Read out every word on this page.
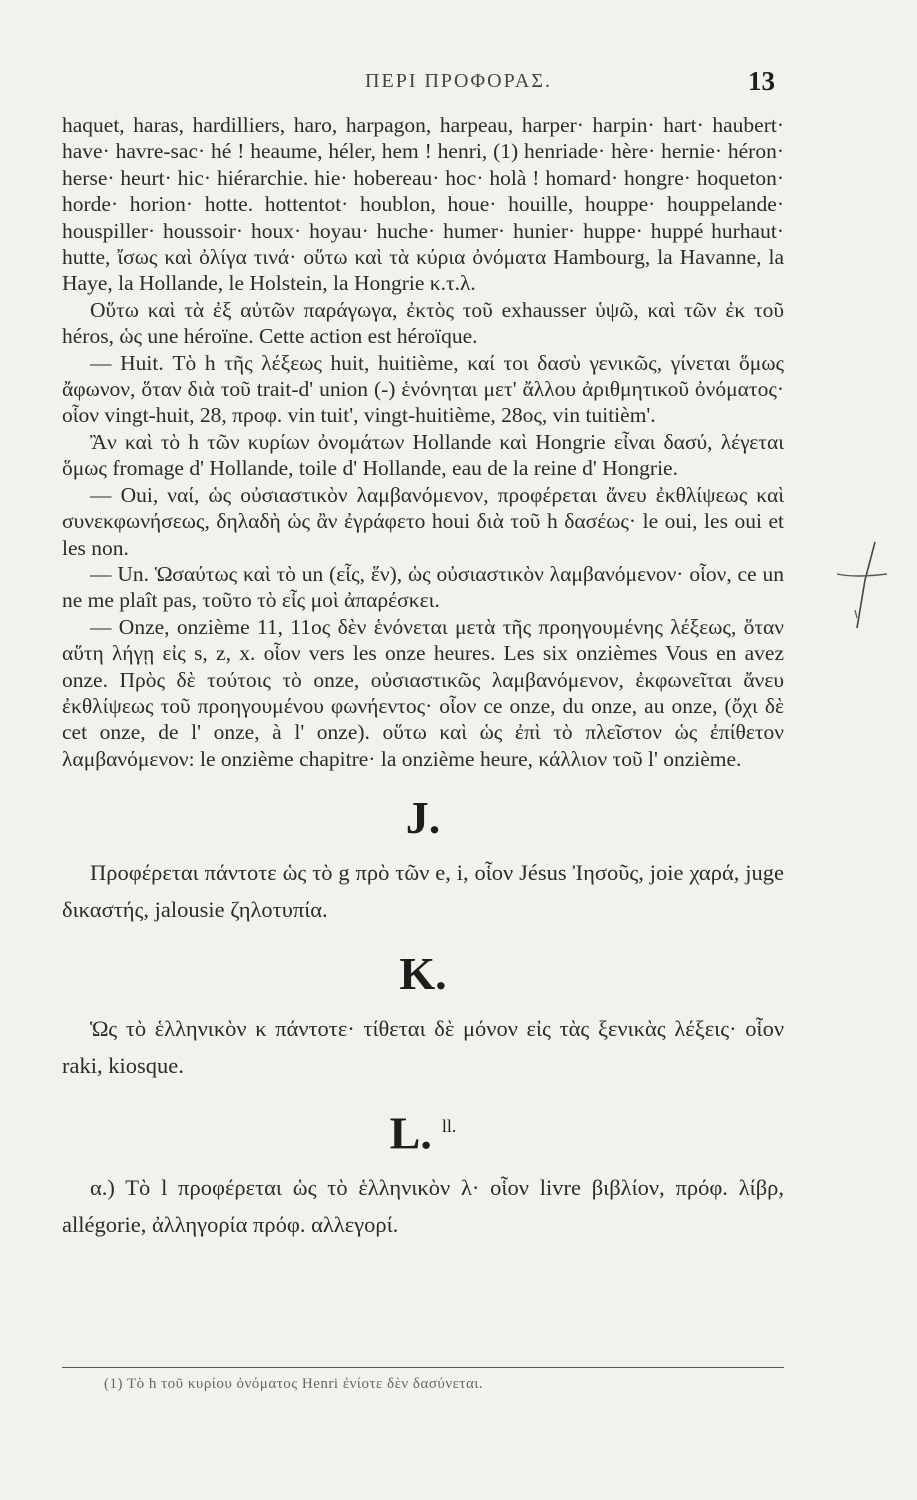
ΠΕΡΙ ΠΡΟΦΟΡΑΣ.	13

haquet, haras, hardilliers, haro, harpagon, harpeau, harper· harpin· hart· haubert· have· havre-sac· hé ! heaume, héler, hem ! henri, (1) henriade· hère· hernie· héron· herse· heurt· hic· hiérarchie. hie· hobereau· hoc· holà ! homard· hongre· hoqueton· horde· horion· hotte. hottentot· houblon, houe· houille, houppe· houppelande· houspiller· houssoir· houx· hoyau· huche· humer· hunier· huppe· huppé hurhaut· hutte, ἴσως καὶ ὀλίγα τινά· οὕτω καὶ τὰ κύρια ὀνόματα Hambourg, la Havanne, la Haye, la Hollande, le Holstein, la Hongrie κ.τ.λ.

Οὕτω καὶ τὰ ἐξ αὐτῶν παράγωγα, ἐκτὸς τοῦ exhausser ὑψῶ, καὶ τῶν ἐκ τοῦ héros, ὡς une héroïne. Cette action est héroïque.

— Huit. Τὸ h τῆς λέξεως huit, huitième, καί τοι δασὺ γενικῶς, γίνεται ὅμως ἄφωνον, ὅταν διὰ τοῦ trait-d' union (-) ἑνόνηται μετ' ἄλλου ἀριθμητικοῦ ὀνόματος· οἷον vingt-huit, 28, προφ. vin tuit', vingt-huitième, 28ος, vin tuitièm'.

Ἂν καὶ τὸ h τῶν κυρίων ὀνομάτων Hollande καὶ Hongrie εἶναι δασύ, λέγεται ὅμως fromage d' Hollande, toile d' Hollande, eau de la reine d' Hongrie.

— Oui, ναί, ὡς οὐσιαστικὸν λαμβανόμενον, προφέρεται ἄνευ ἐκθλίψεως καὶ συνεκφωνήσεως, δηλαδὴ ὡς ἂν ἐγράφετο houi διὰ τοῦ h δασέως· le oui, les oui et les non.

— Un. Ὡσαύτως καὶ τὸ un (εἷς, ἕν), ὡς οὐσιαστικὸν λαμβανόμενον· οἷον, ce un ne me plaît pas, τοῦτο τὸ εἷς μοὶ ἀπαρέσκει.

— Onze, onzième 11, 11ος δὲν ἑνόνεται μετὰ τῆς προηγουμένης λέξεως, ὅταν αὕτη λήγῃ εἰς s, z, x. οἷον vers les onze heures. Les six onzièmes Vous en avez onze. Πρὸς δὲ τούτοις τὸ onze, οὐσιαστικῶς λαμβανόμενον, ἐκφωνεῖται ἄνευ ἐκθλίψεως τοῦ προηγουμένου φωνήεντος· οἷον ce onze, du onze, au onze, (ὄχι δὲ cet onze, de l' onze, à l' onze). οὕτω καὶ ὡς ἐπὶ τὸ πλεῖστον ὡς ἐπίθετον λαμβανόμενον: le onzième chapitre· la onzième heure, κάλλιον τοῦ l' onzième.

J.

Προφέρεται πάντοτε ὡς τὸ g πρὸ τῶν e, i, οἷον Jésus Ἰησοῦς, joie χαρά, juge δικαστής, jalousie ζηλοτυπία.

K.

Ὡς τὸ ἑλληνικὸν κ πάντοτε· τίθεται δὲ μόνον εἰς τὰς ξενικὰς λέξεις· οἷον raki, kiosque.

L. $^{ll.}$

α.) Τὸ l προφέρεται ὡς τὸ ἑλληνικὸν λ· οἷον livre βιβλίον, πρόφ. λίβρ, allégorie, ἀλληγορία πρόφ. αλλεγορί.

(1) Τὸ h τοῦ κυρίου ὀνόματος Henri ἐνίοτε δὲν δασύνεται.
